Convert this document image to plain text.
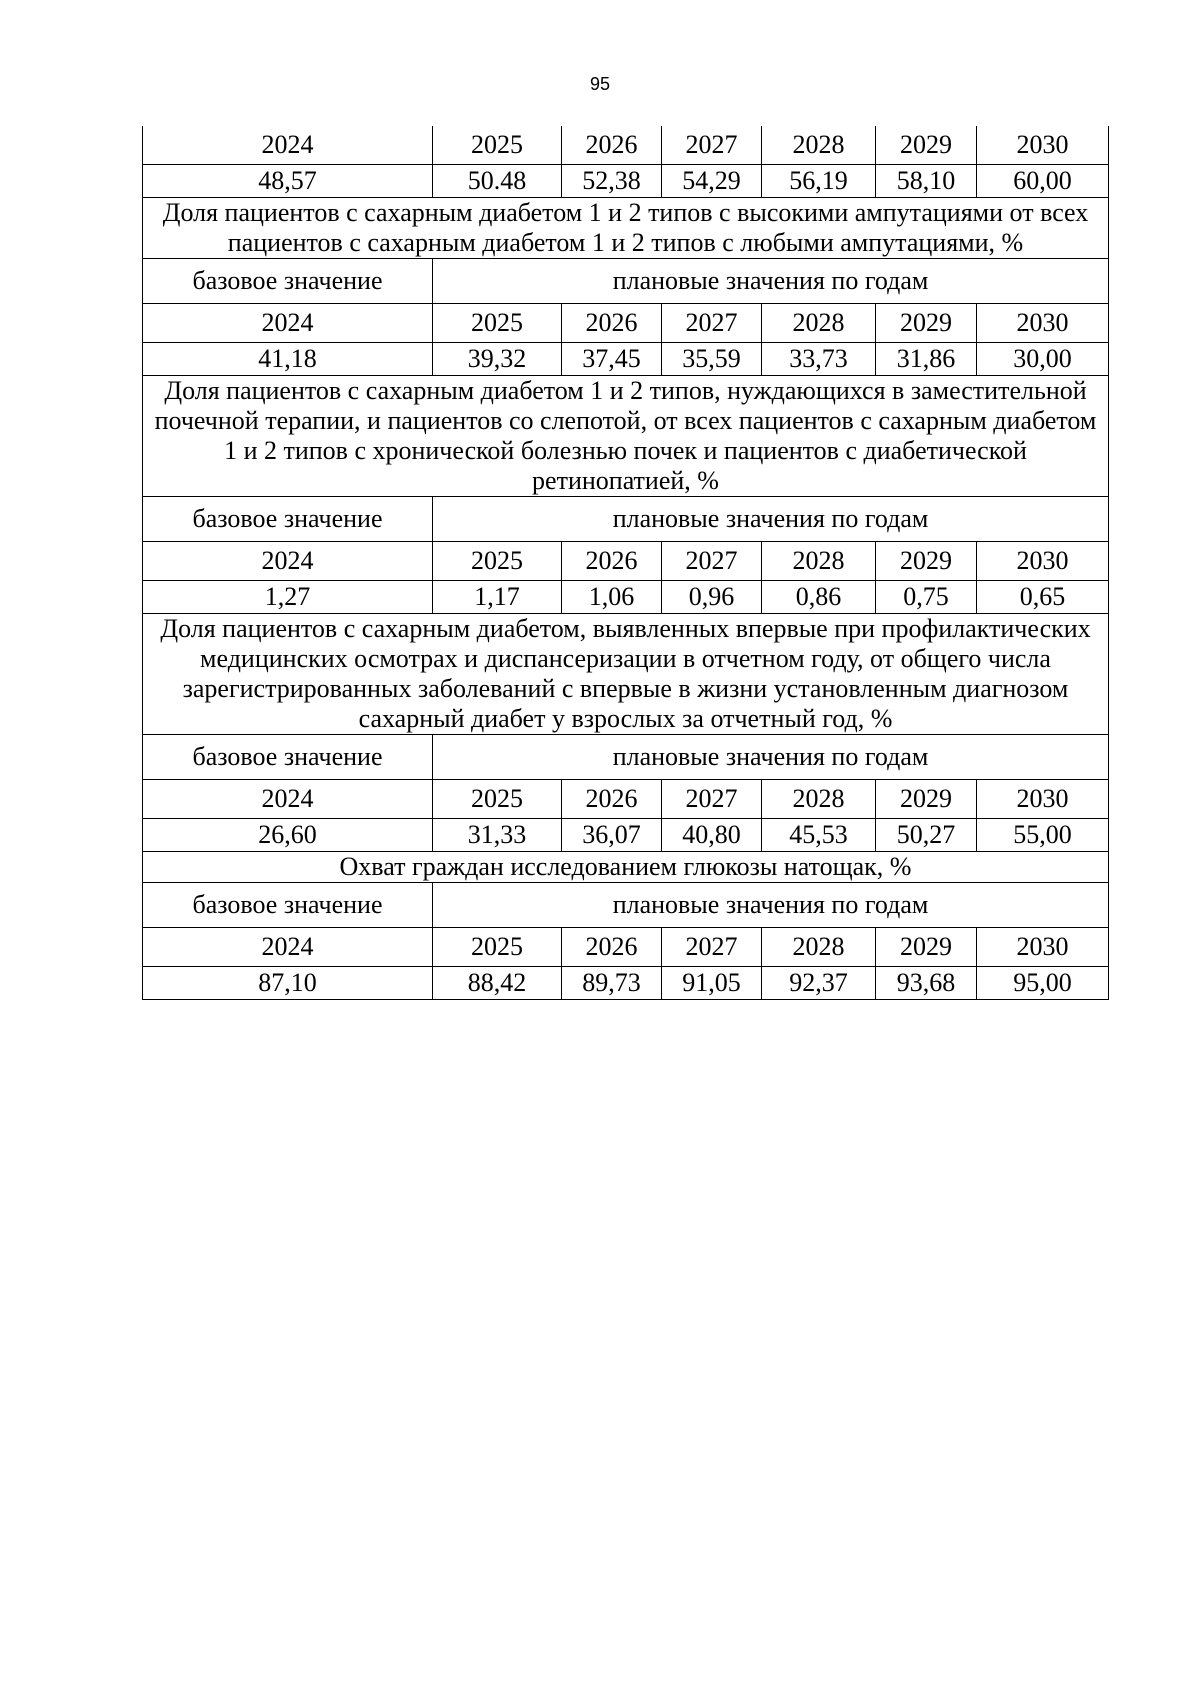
95
2024	2025	2026	2027	2028	2029	2030
48,57	50.48	52,38	54,29	56,19	58,10	60,00
Доля пациентов с сахарным диабетом 1 и 2 типов с высокими ампутациями от всех пациентов с сахарным диабетом 1 и 2 типов с любыми ампутациями, %						
базовое значение	плановые значения по годам					
2024	2025	2026	2027	2028	2029	2030
41,18	39,32	37,45	35,59	33,73	31,86	30,00
Доля пациентов с сахарным диабетом 1 и 2 типов, нуждающихся в заместительной почечной терапии, и пациентов со слепотой, от всех пациентов с сахарным диабетом 1 и 2 типов с хронической болезнью почек и пациентов с диабетической ретинопатией, %						
базовое значение	плановые значения по годам					
2024	2025	2026	2027	2028	2029	2030
1,27	1,17	1,06	0,96	0,86	0,75	0,65
Доля пациентов с сахарным диабетом, выявленных впервые при профилактических медицинских осмотрах и диспансеризации в отчетном году, от общего числа зарегистрированных заболеваний с впервые в жизни установленным диагнозом сахарный диабет у взрослых за отчетный год, %						
базовое значение	плановые значения по годам					
2024	2025	2026	2027	2028	2029	2030
26,60	31,33	36,07	40,80	45,53	50,27	55,00
Охват граждан исследованием глюкозы натощак, %						
базовое значение	плановые значения по годам					
2024	2025	2026	2027	2028	2029	2030
87,10	88,42	89,73	91,05	92,37	93,68	95,00
